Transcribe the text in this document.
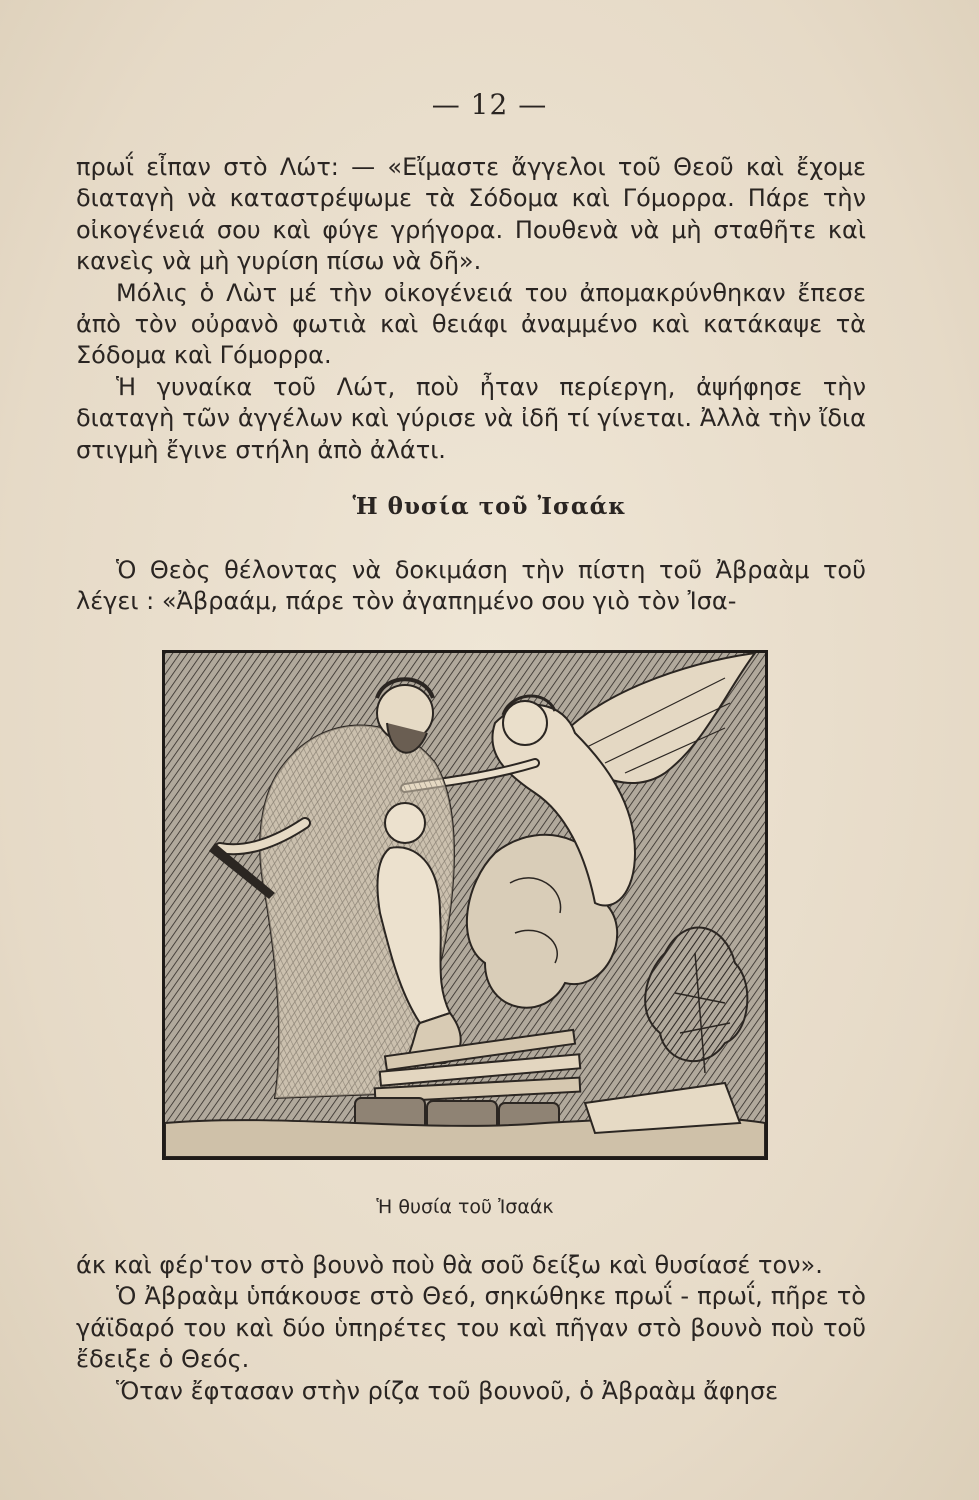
— 12 —

πρωΐ εἶπαν στὸ Λώτ: — «Εἴμαστε ἄγγελοι τοῦ Θεοῦ καὶ ἔχομε διαταγὴ νὰ καταστρέψωμε τὰ Σόδομα καὶ Γόμορρα. Πάρε τὴν οἰκογένειά σου καὶ φύγε γρήγορα. Πουθενὰ νὰ μὴ σταθῆτε καὶ κανεὶς νὰ μὴ γυρίση πίσω νὰ δῆ».

Μόλις ὁ Λὼτ μέ τὴν οἰκογένειά του ἀπομακρύνθηκαν ἔπεσε ἀπὸ τὸν οὐρανὸ φωτιὰ καὶ θειάφι ἀναμμένο καὶ κατάκαψε τὰ Σόδομα καὶ Γόμορρα.

Ἡ γυναίκα τοῦ Λώτ, ποὺ ἦταν περίεργη, ἀψήφησε τὴν διαταγὴ τῶν ἀγγέλων καὶ γύρισε νὰ ἰδῆ τί γίνεται. Ἀλλὰ τὴν ἴδια στιγμὴ ἔγινε στήλη ἀπὸ ἀλάτι.

Ἡ θυσία τοῦ Ἰσαάκ

Ὁ Θεὸς θέλοντας νὰ δοκιμάση τὴν πίστη τοῦ Ἀβραὰμ τοῦ λέγει : «Ἀβραάμ, πάρε τὸν ἀγαπημένο σου γιὸ τὸν Ἰσα-

Ἡ θυσία τοῦ Ἰσαάκ

άκ καὶ φέρ'τον στὸ βουνὸ ποὺ θὰ σοῦ δείξω καὶ θυσίασέ τον».

Ὁ Ἀβραὰμ ὑπάκουσε στὸ Θεό, σηκώθηκε πρωΐ - πρωΐ, πῆρε τὸ γάϊδαρό του καὶ δύο ὑπηρέτες του καὶ πῆγαν στὸ βουνὸ ποὺ τοῦ ἔδειξε ὁ Θεός.

Ὅταν ἔφτασαν στὴν ρίζα τοῦ βουνοῦ, ὁ Ἀβραὰμ ἄφησε
